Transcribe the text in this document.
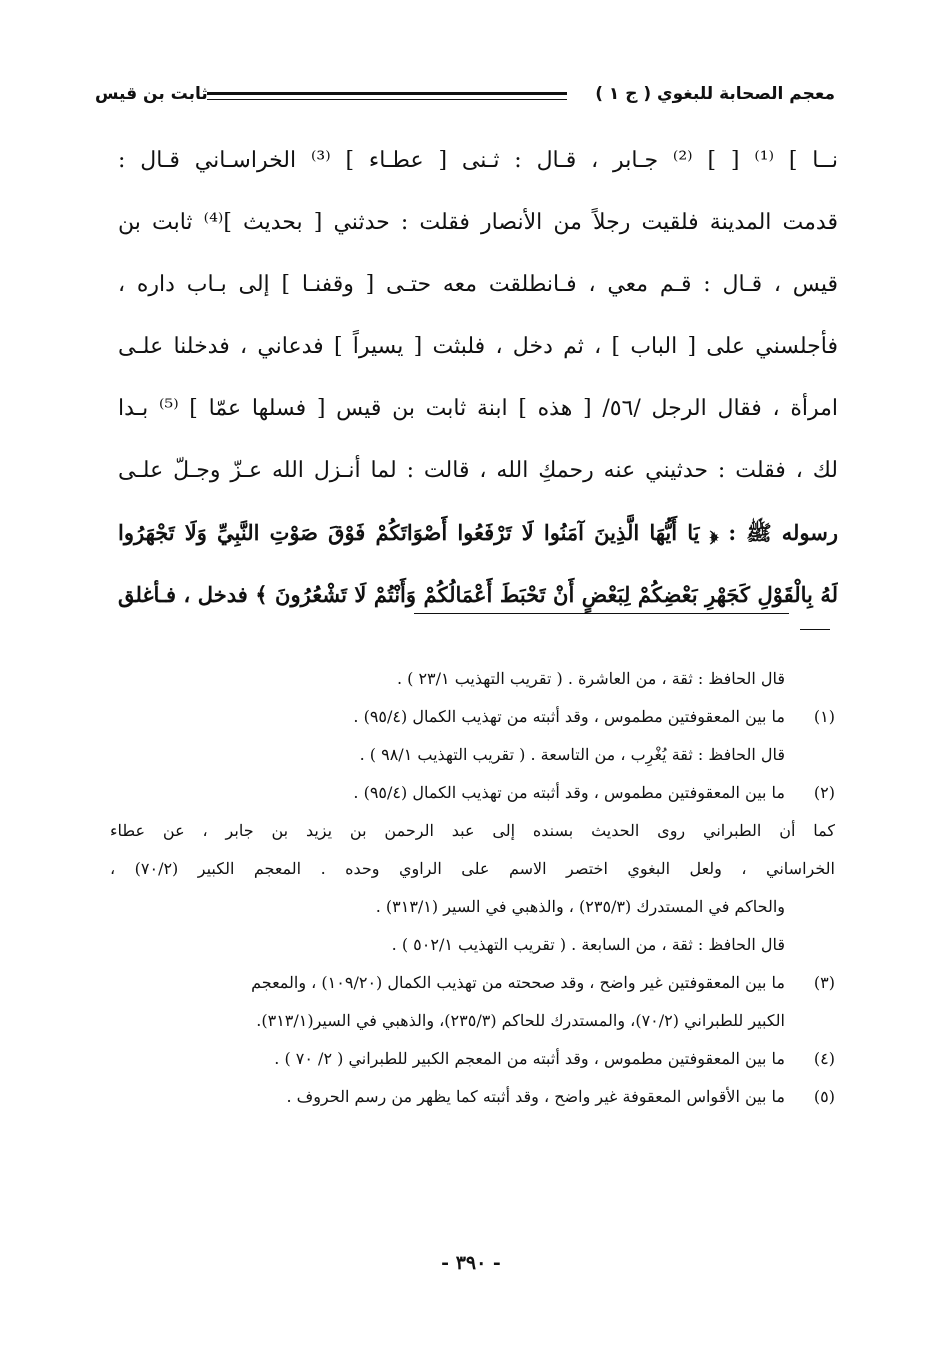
معجم الصحابة للبغوي ( ج ١ )
ثابت بن قيس
نــا ] ⁽¹⁾ [ ] ⁽²⁾ جـابر ، قـال : ثـنى [ عطـاء ] ⁽³⁾ الخراسـاني قـال :
قدمت المدينة فلقيت رجلاً من الأنصار فقلت : حدثني [ بحديث ]⁽⁴⁾ ثابت بن
قيس ، قـال : قـم معي ، فـانطلقت معه حتـى [ وقفنـا ] إلى بـاب داره ،
فأجلسني على [ الباب ] ، ثم دخل ، فلبثت [ يسيراً ] فدعاني ، فدخلنا علـى
امرأة ، فقال الرجل /٥٦/ [ هذه ] ابنة ثابت بن قيس [ فسلها عمّا ] ⁽⁵⁾ بـدا
لك ، فقلت : حدثيني عنه رحمكِ الله ، قالت : لما أنـزل الله عـزّ وجـلّ علـى
رسوله ﷺ : ﴿ يَا أَيُّهَا الَّذِينَ آمَنُوا لَا تَرْفَعُوا أَصْوَاتَكُمْ فَوْقَ صَوْتِ النَّبِيِّ وَلَا تَجْهَرُوا
لَهُ بِالْقَوْلِ كَجَهْرِ بَعْضِكُمْ لِبَعْضٍ أَنْ تَحْبَطَ أَعْمَالُكُمْ وَأَنْتُمْ لَا تَشْعُرُونَ ﴾ فدخل ، فـأغلق
قال الحافظ : ثقة ، من العاشرة . ( تقريب التهذيب ٢٣/١ ) .
(١)
ما بين المعقوفتين مطموس ، وقد أثبته من تهذيب الكمال (٩٥/٤) .
قال الحافظ : ثقة يُغْرِب ، من التاسعة . ( تقريب التهذيب ٩٨/١ ) .
(٢)
ما بين المعقوفتين مطموس ، وقد أثبته من تهذيب الكمال (٩٥/٤) .
كما أن الطبراني روى الحديث بسنده إلى عبد الرحمن بن يزيد بن جابر ، عن عطاء
الخراساني ، ولعل البغوي اختصر الاسم على الراوي وحده . المعجم الكبير (٧٠/٢) ،
والحاكم في المستدرك (٢٣٥/٣) ، والذهبي في السير (٣١٣/١) .
قال الحافظ : ثقة ، من السابعة . ( تقريب التهذيب ٥٠٢/١ ) .
(٣)
ما بين المعقوفتين غير واضح ، وقد صححته من تهذيب الكمال (١٠٩/٢٠) ، والمعجم
الكبير للطبراني (٧٠/٢)، والمستدرك للحاكم (٢٣٥/٣)، والذهبي في السير(٣١٣/١).
(٤)
ما بين المعقوفتين مطموس ، وقد أثبته من المعجم الكبير للطبراني ( ٢/ ٧٠ ) .
(٥)
ما بين الأقواس المعقوفة غير واضح ، وقد أثبته كما يظهر من رسم الحروف .
- ٣٩٠ -
